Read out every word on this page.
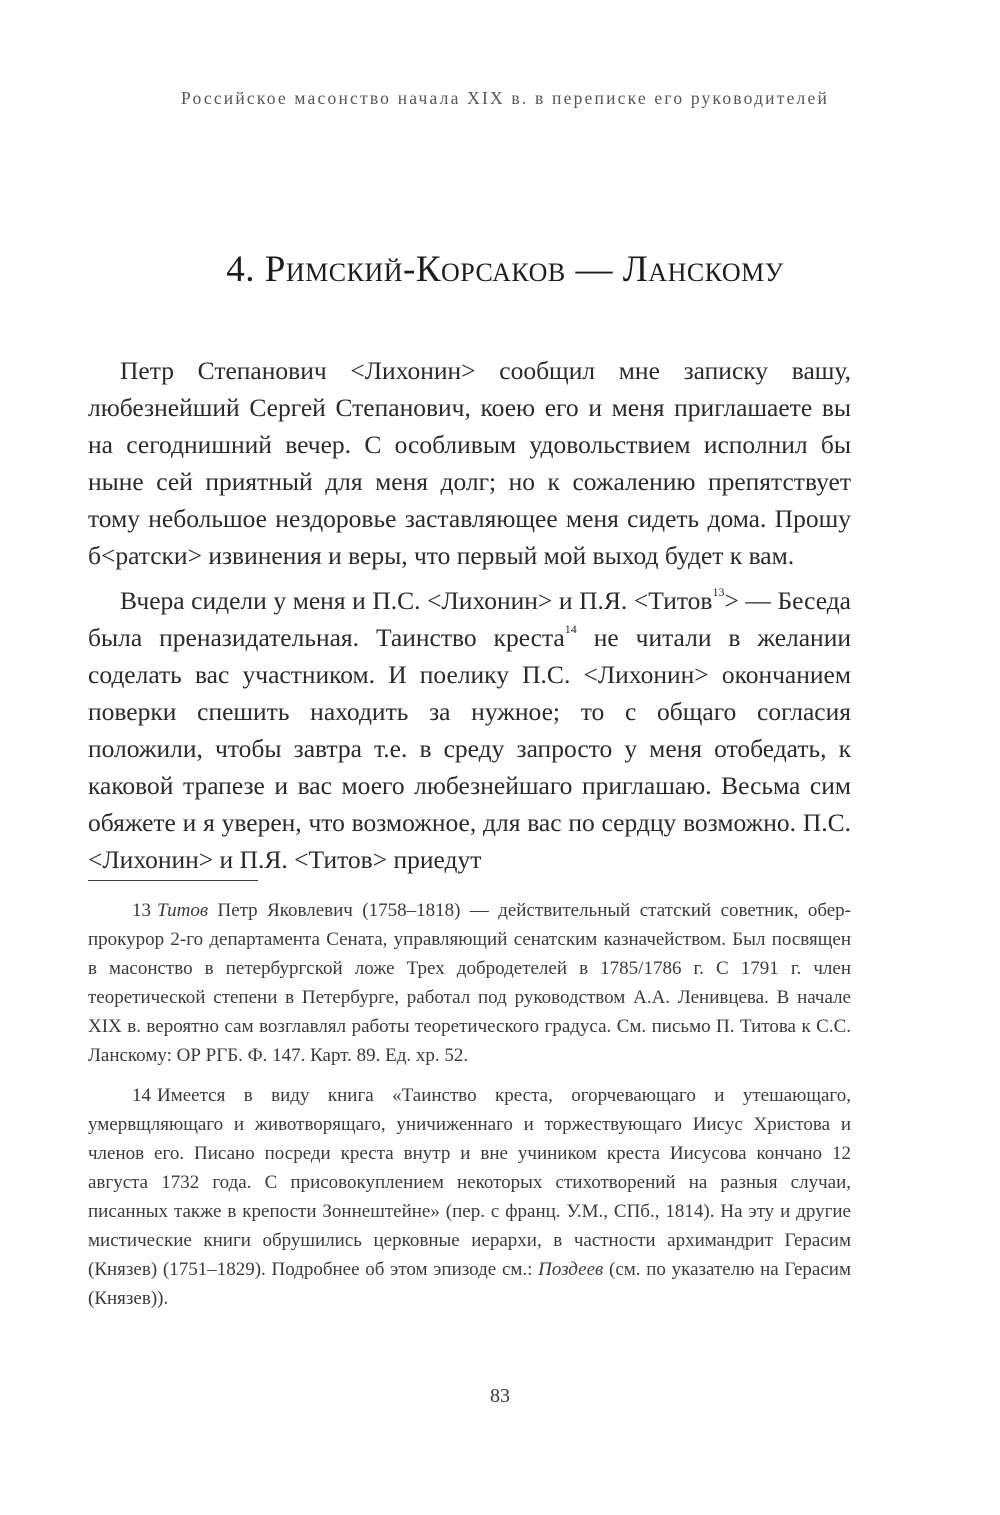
Российское масонство начала XIX в. в переписке его руководителей
4. Римский-Корсаков — Ланскому

Петр Степанович <Лихонин> сообщил мне записку вашу, любезнейший Сергей Степанович, коею его и меня приглашаете вы на сегоднишний вечер. С особливым удовольствием исполнил бы ныне сей приятный для меня долг; но к сожалению препятствует тому небольшое нездоровье заставляющее меня сидеть дома. Прошу б<ратски> извинения и веры, что первый мой выход будет к вам.

Вчера сидели у меня и П.С. <Лихонин> и П.Я. <Титов$^{13}$> — Беседа была преназидательная. Таинство креста$^{14}$ не читали в желании соделать вас участником. И поелику П.С. <Лихонин> окончанием поверки спешить находить за нужное; то с общаго согласия положили, чтобы завтра т.е. в среду запросто у меня отобедать, к каковой трапезе и вас моего любезнейшаго приглашаю. Весьма сим обяжете и я уверен, что возможное, для вас по сердцу возможно. П.С. <Лихонин> и П.Я. <Титов> приедут

13 Титов Петр Яковлевич (1758–1818) — действительный статский советник, обер-прокурор 2-го департамента Сената, управляющий сенатским казначейством. Был посвящен в масонство в петербургской ложе Трех добродетелей в 1785/1786 г. С 1791 г. член теоретической степени в Петербурге, работал под руководством А.А. Ленивцева. В начале XIX в. вероятно сам возглавлял работы теоретического градуса. См. письмо П. Титова к С.С. Ланскому: ОР РГБ. Ф. 147. Карт. 89. Ед. хр. 52.

14 Имеется в виду книга «Таинство креста, огорчевающаго и утешающаго, умервщляющаго и животворящаго, уничиженнаго и торжествующаго Иисус Христова и членов его. Писано посреди креста внутр и вне учиником креста Иисусова кончано 12 августа 1732 года. С присовокуплением некоторых стихотворений на разныя случаи, писанных также в крепости Зоннештейне» (пер. с франц. У.М., СПб., 1814). На эту и другие мистические книги обрушились церковные иерархи, в частности архимандрит Герасим (Князев) (1751–1829). Подробнее об этом эпизоде см.: Поздеев (см. по указателю на Герасим (Князев)).

83
